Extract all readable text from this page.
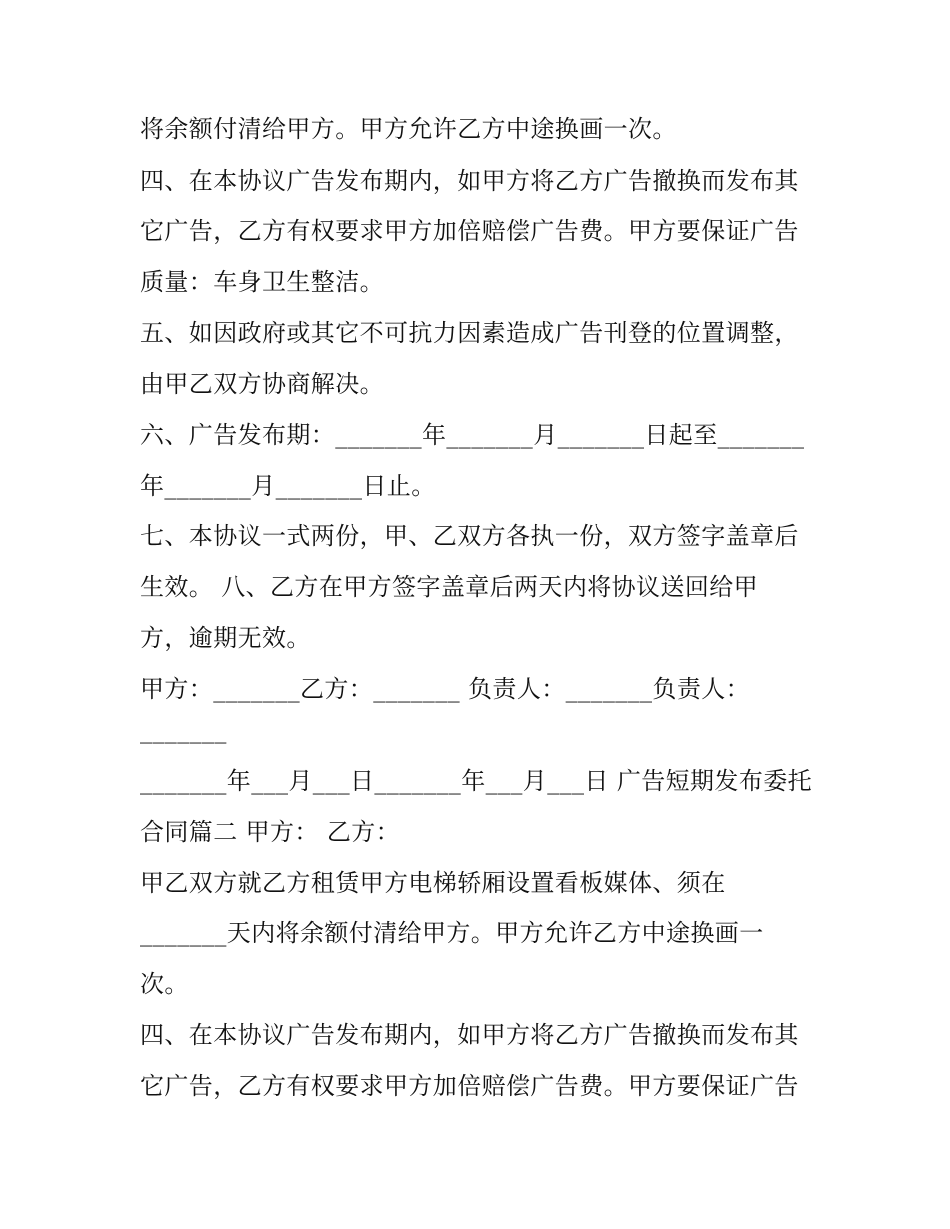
将余额付清给甲方。甲方允许乙方中途换画一次。

四、在本协议广告发布期内，如甲方将乙方广告撤换而发布其

它广告，乙方有权要求甲方加倍赔偿广告费。甲方要保证广告

质量：车身卫生整洁。

五、如因政府或其它不可抗力因素造成广告刊登的位置调整，

由甲乙双方协商解决。

六、广告发布期：_______年_______月_______日起至_______

年_______月_______日止。

七、本协议一式两份，甲、乙双方各执一份，双方签字盖章后

生效。 八、乙方在甲方签字盖章后两天内将协议送回给甲

方，逾期无效。

甲方：_______乙方：_______ 负责人：_______负责人：

_______

_______年___月___日_______年___月___日 广告短期发布委托

合同篇二 甲方： 乙方：

甲乙双方就乙方租赁甲方电梯轿厢设置看板媒体、须在

_______天内将余额付清给甲方。甲方允许乙方中途换画一

次。

四、在本协议广告发布期内，如甲方将乙方广告撤换而发布其

它广告，乙方有权要求甲方加倍赔偿广告费。甲方要保证广告
